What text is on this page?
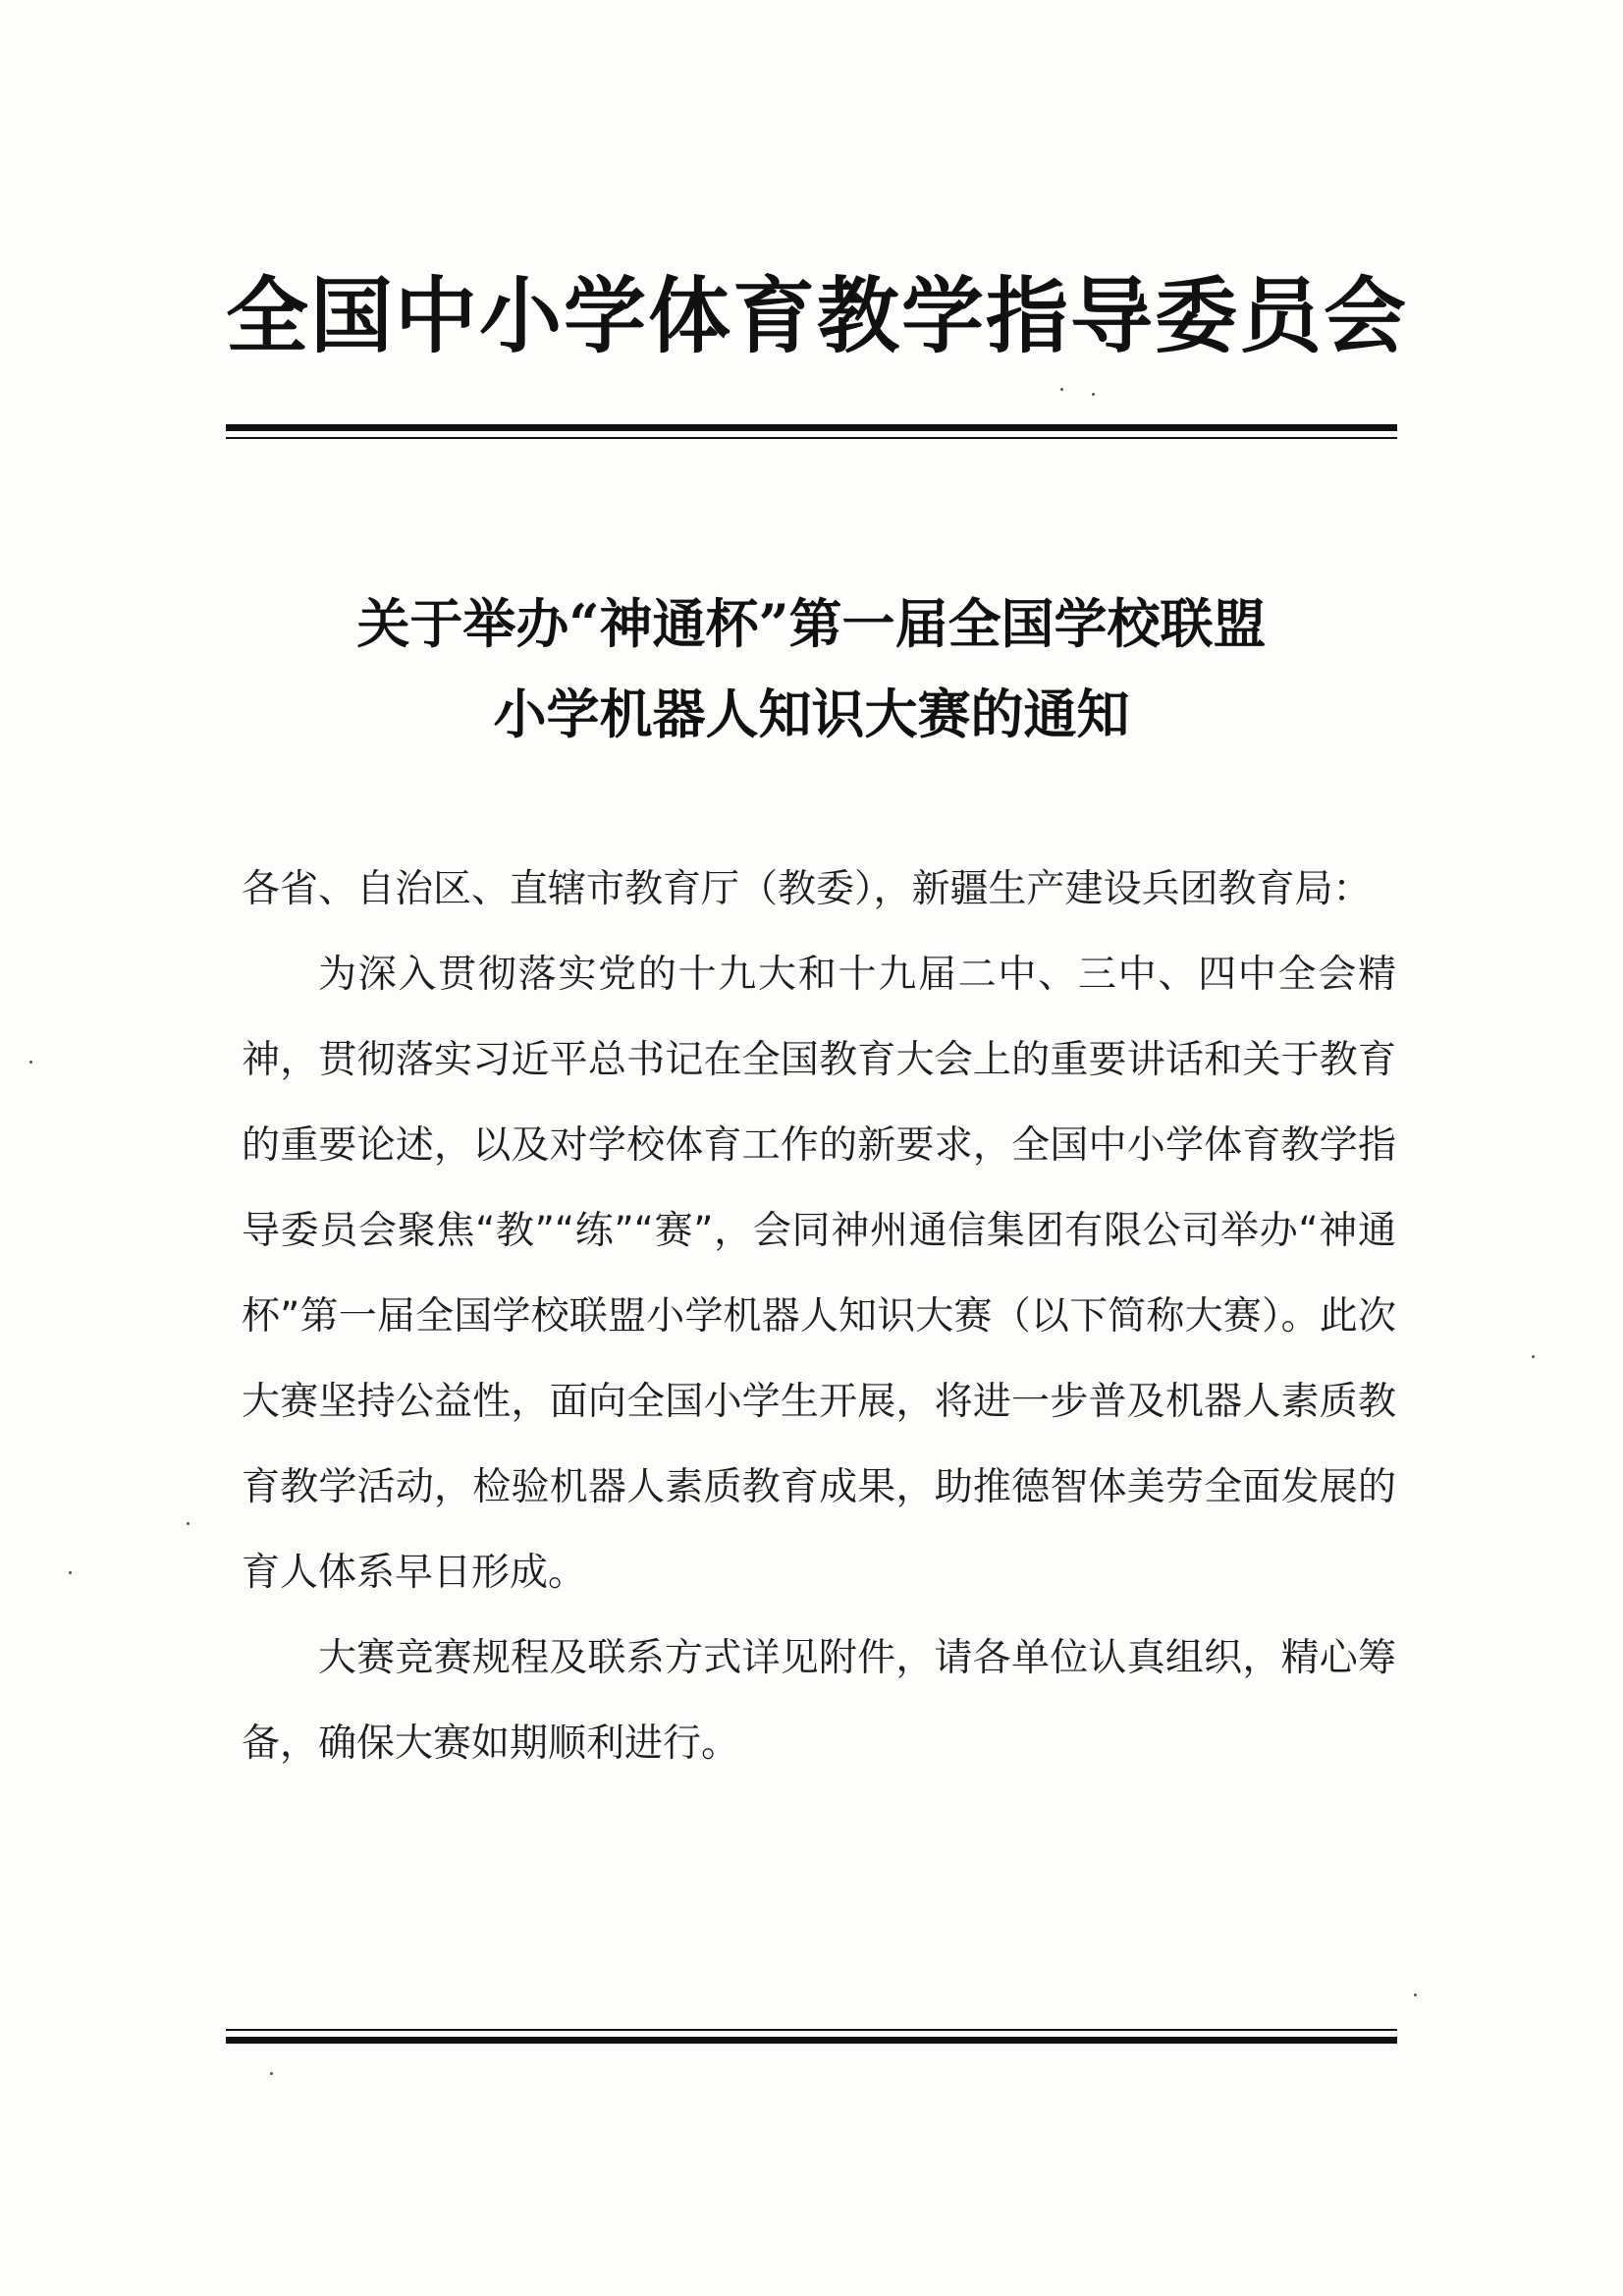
全国中小学体育教学指导委员会
关于举办“神通杯”第一届全国学校联盟
小学机器人知识大赛的通知

各省、自治区、直辖市教育厅（教委），新疆生产建设兵团教育局：

为深入贯彻落实党的十九大和十九届二中、三中、四中全会精神，贯彻落实习近平总书记在全国教育大会上的重要讲话和关于教育的重要论述，以及对学校体育工作的新要求，全国中小学体育教学指导委员会聚焦“教”“练”“赛”，会同神州通信集团有限公司举办“神通杯”第一届全国学校联盟小学机器人知识大赛（以下简称大赛）。此次大赛坚持公益性，面向全国小学生开展，将进一步普及机器人素质教育教学活动，检验机器人素质教育成果，助推德智体美劳全面发展的育人体系早日形成。

大赛竞赛规程及联系方式详见附件，请各单位认真组织，精心筹备，确保大赛如期顺利进行。
